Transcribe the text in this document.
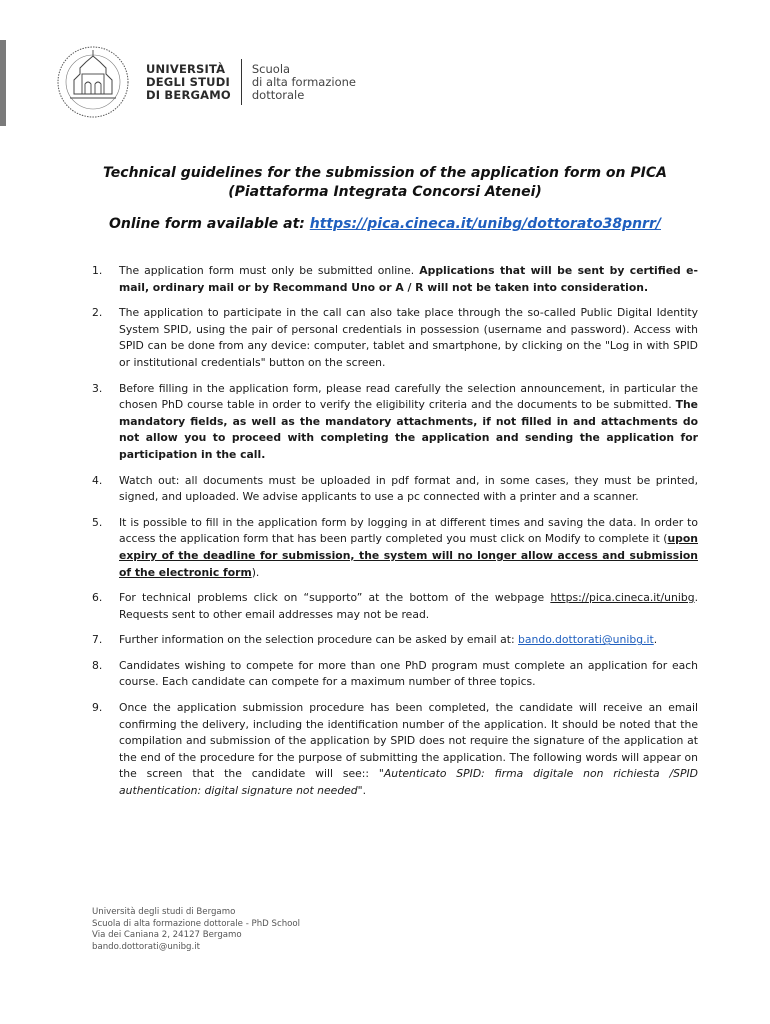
UNIVERSITÀ
DEGLI STUDI
DI BERGAMO
Scuola
di alta formazione
dottorale
Technical guidelines for the submission of the application form on PICA
(Piattaforma Integrata Concorsi Atenei)
Online form available at: https://pica.cineca.it/unibg/dottorato38pnrr/
1.	The application form must only be submitted online. Applications that will be sent by certified e-mail, ordinary mail or by Recommand Uno or A / R will not be taken into consideration.
2.	The application to participate in the call can also take place through the so-called Public Digital Identity System SPID, using the pair of personal credentials in possession (username and password). Access with SPID can be done from any device: computer, tablet and smartphone, by clicking on the "Log in with SPID or institutional credentials" button on the screen.
3.	Before filling in the application form, please read carefully the selection announcement, in particular the chosen PhD course table in order to verify the eligibility criteria and the documents to be submitted. The mandatory fields, as well as the mandatory attachments, if not filled in and attachments do not allow you to proceed with completing the application and sending the application for participation in the call.
4.	Watch out: all documents must be uploaded in pdf format and, in some cases, they must be printed, signed, and uploaded. We advise applicants to use a pc connected with a printer and a scanner.
5.	It is possible to fill in the application form by logging in at different times and saving the data. In order to access the application form that has been partly completed you must click on Modify to complete it (upon expiry of the deadline for submission, the system will no longer allow access and submission of the electronic form).
6.	For technical problems click on “supporto” at the bottom of the webpage https://pica.cineca.it/unibg. Requests sent to other email addresses may not be read.
7.	Further information on the selection procedure can be asked by email at: bando.dottorati@unibg.it.
8.	Candidates wishing to compete for more than one PhD program must complete an application for each course. Each candidate can compete for a maximum number of three topics.
9.	Once the application submission procedure has been completed, the candidate will receive an email confirming the delivery, including the identification number of the application. It should be noted that the compilation and submission of the application by SPID does not require the signature of the application at the end of the procedure for the purpose of submitting the application. The following words will appear on the screen that the candidate will see:: "Autenticato SPID: firma digitale non richiesta /SPID authentication: digital signature not needed".
Università degli studi di Bergamo
Scuola di alta formazione dottorale - PhD School
Via dei Caniana 2, 24127 Bergamo
bando.dottorati@unibg.it
